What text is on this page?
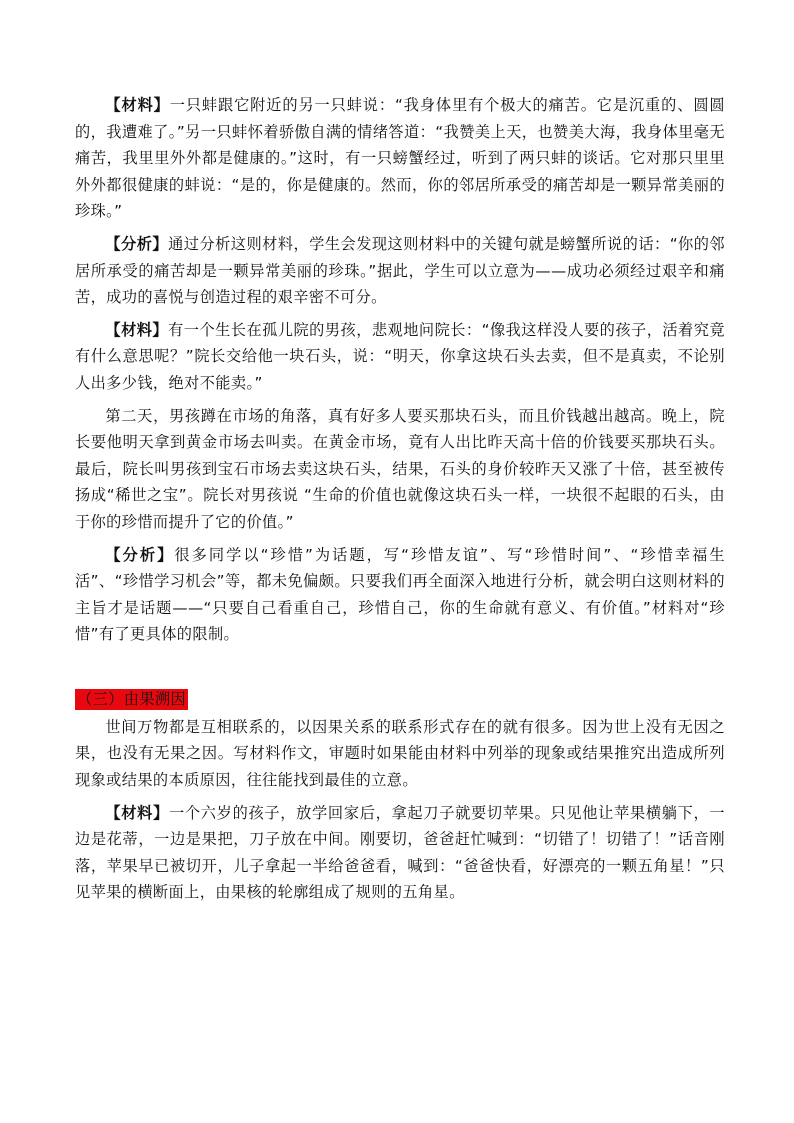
【材料】一只蚌跟它附近的另一只蚌说：“我身体里有个极大的痛苦。它是沉重的、圆圆的，我遭难了。”另一只蚌怀着骄傲自满的情绪答道：“我赞美上天，也赞美大海，我身体里毫无痛苦，我里里外外都是健康的。”这时，有一只螃蟹经过，听到了两只蚌的谈话。它对那只里里外外都很健康的蚌说：“是的，你是健康的。然而，你的邻居所承受的痛苦却是一颗异常美丽的珍珠。”

【分析】通过分析这则材料，学生会发现这则材料中的关键句就是螃蟹所说的话：“你的邻居所承受的痛苦却是一颗异常美丽的珍珠。”据此，学生可以立意为——成功必须经过艰辛和痛苦，成功的喜悦与创造过程的艰辛密不可分。

【材料】有一个生长在孤儿院的男孩，悲观地问院长：“像我这样没人要的孩子，活着究竟有什么意思呢？”院长交给他一块石头，说：“明天，你拿这块石头去卖，但不是真卖，不论别人出多少钱，绝对不能卖。”

第二天，男孩蹲在市场的角落，真有好多人要买那块石头，而且价钱越出越高。晚上，院长要他明天拿到黄金市场去叫卖。在黄金市场，竟有人出比昨天高十倍的价钱要买那块石头。最后，院长叫男孩到宝石市场去卖这块石头，结果，石头的身价较昨天又涨了十倍，甚至被传扬成“稀世之宝”。院长对男孩说 “生命的价值也就像这块石头一样，一块很不起眼的石头，由于你的珍惜而提升了它的价值。”

【分析】很多同学以“珍惜”为话题，写“珍惜友谊”、写“珍惜时间”、“珍惜幸福生活”、“珍惜学习机会”等，都未免偏颇。只要我们再全面深入地进行分析，就会明白这则材料的主旨才是话题——“只要自己看重自己，珍惜自己，你的生命就有意义、有价值。”材料对“珍惜”有了更具体的限制。

（三）由果溯因

世间万物都是互相联系的，以因果关系的联系形式存在的就有很多。因为世上没有无因之果，也没有无果之因。写材料作文，审题时如果能由材料中列举的现象或结果推究出造成所列现象或结果的本质原因，往往能找到最佳的立意。

【材料】一个六岁的孩子，放学回家后，拿起刀子就要切苹果。只见他让苹果横躺下，一边是花蒂，一边是果把，刀子放在中间。刚要切，爸爸赶忙喊到：“切错了！切错了！”话音刚落，苹果早已被切开，儿子拿起一半给爸爸看，喊到：“爸爸快看，好漂亮的一颗五角星！”只见苹果的横断面上，由果核的轮廓组成了规则的五角星。
